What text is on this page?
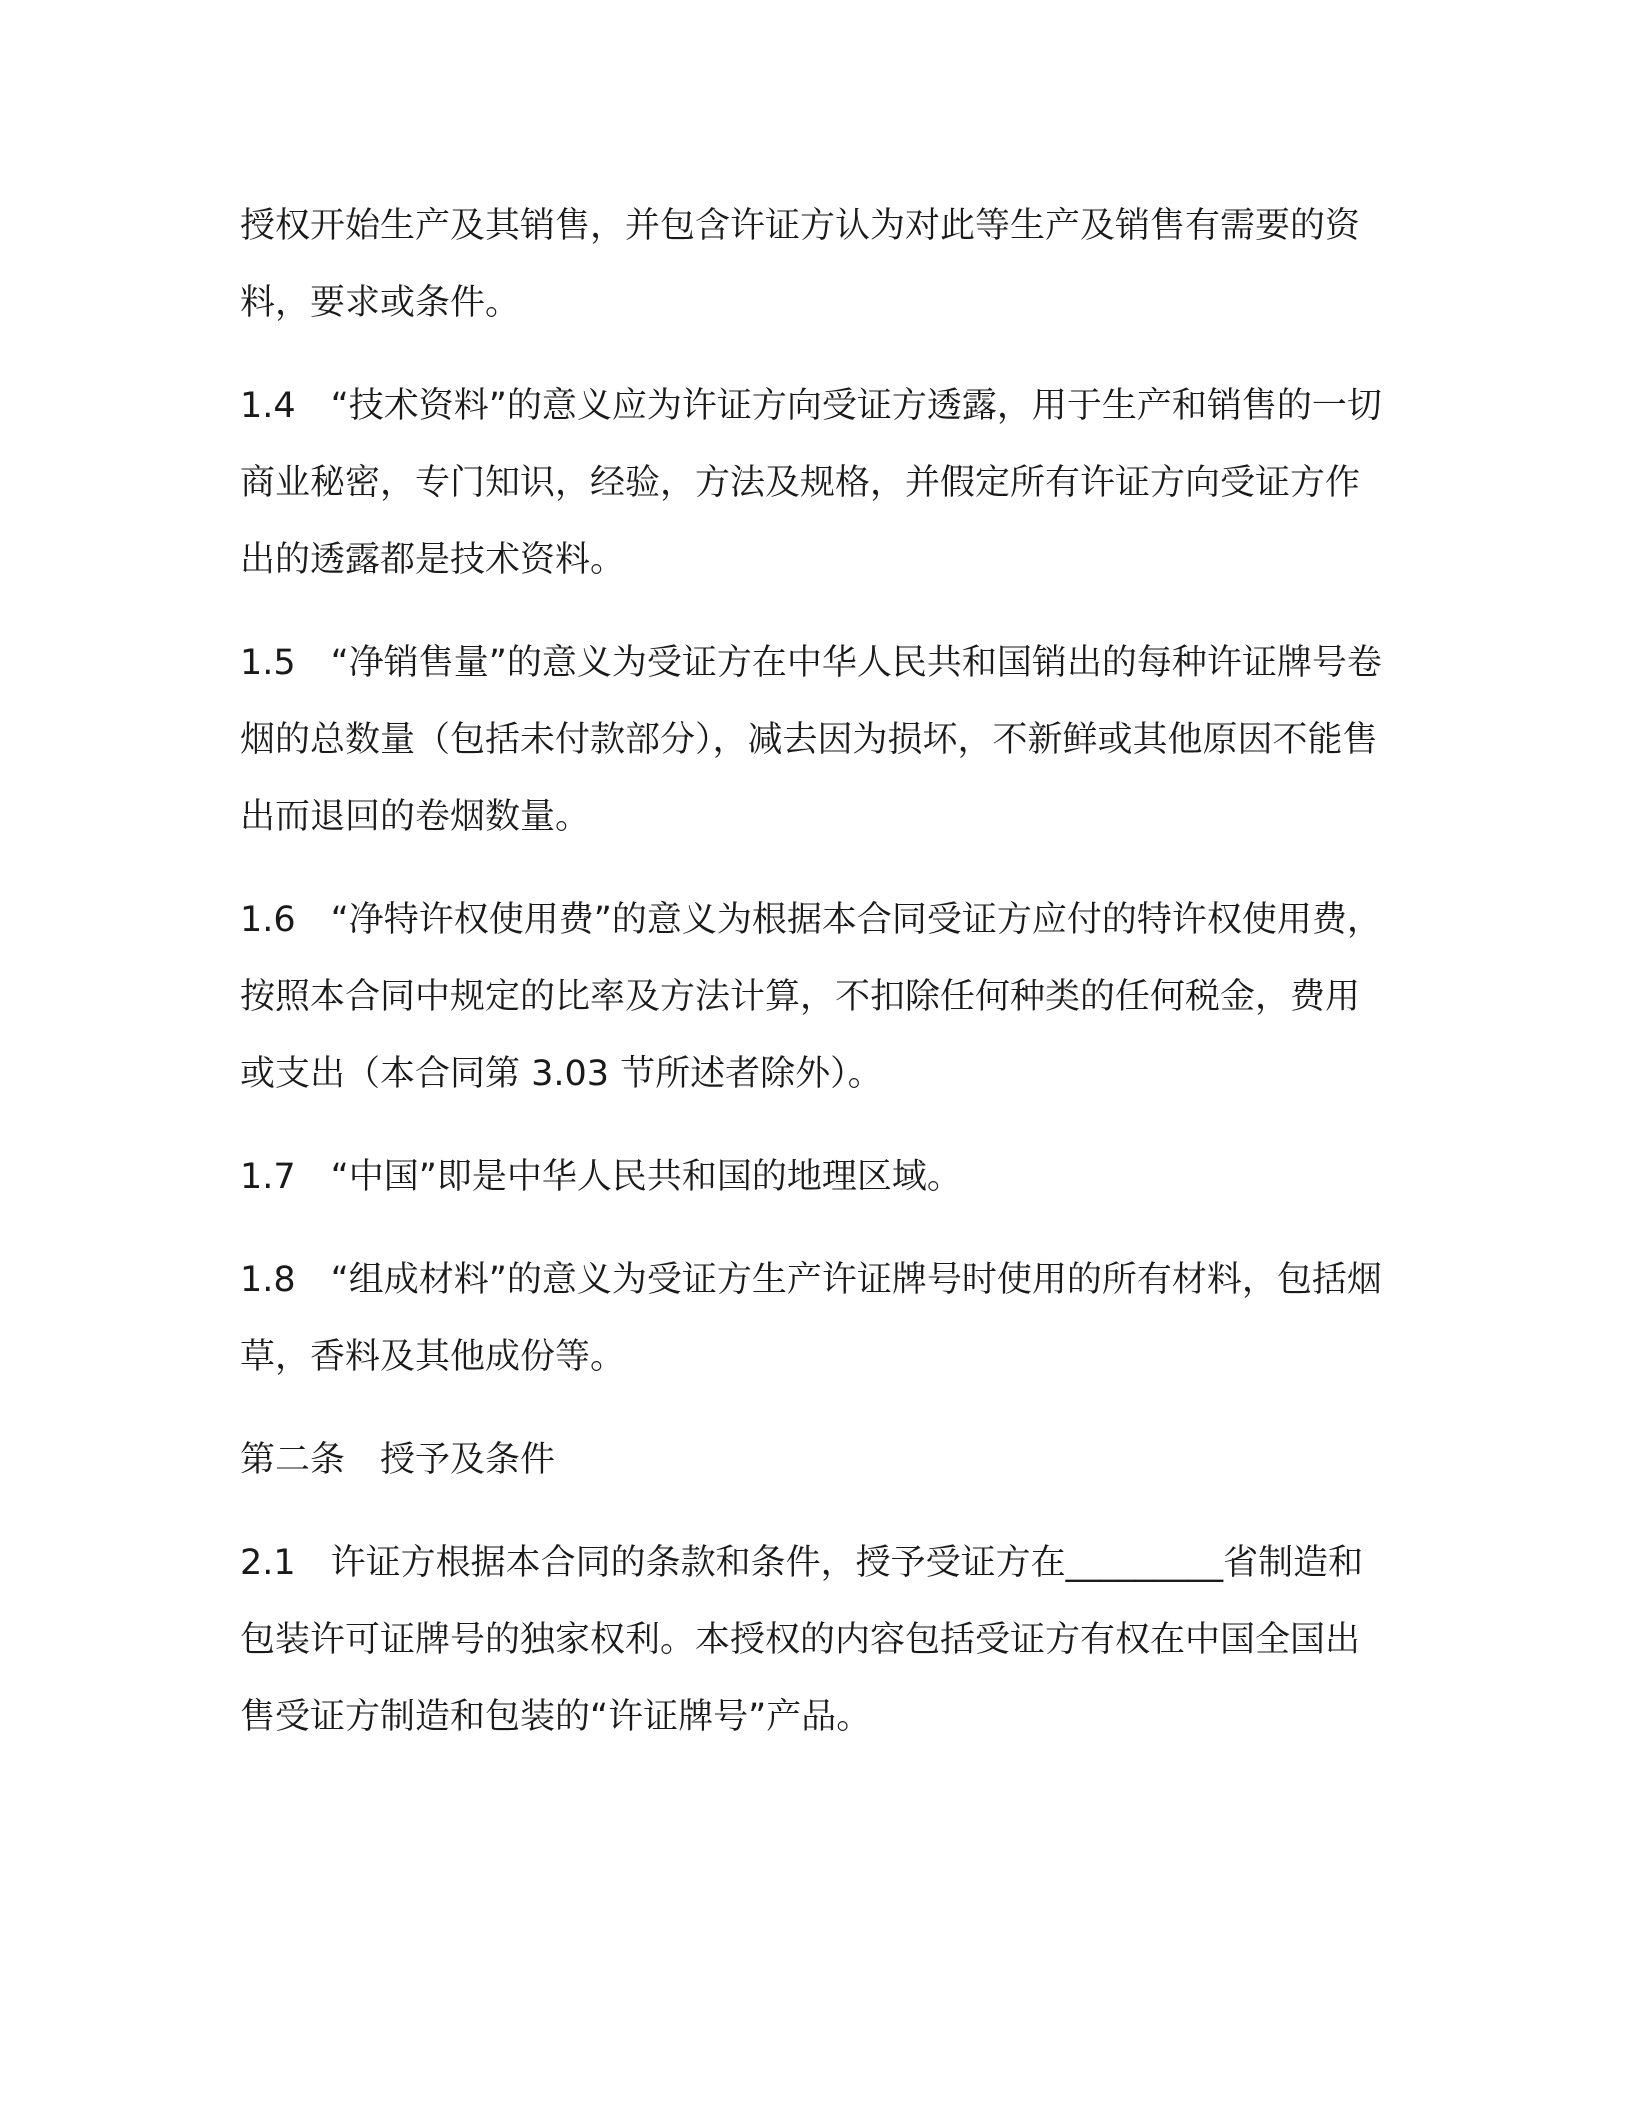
授权开始生产及其销售，并包含许证方认为对此等生产及销售有需要的资料，要求或条件。

1.4　“技术资料”的意义应为许证方向受证方透露，用于生产和销售的一切商业秘密，专门知识，经验，方法及规格，并假定所有许证方向受证方作出的透露都是技术资料。

1.5　“净销售量”的意义为受证方在中华人民共和国销出的每种许证牌号卷烟的总数量（包括未付款部分），减去因为损坏，不新鲜或其他原因不能售出而退回的卷烟数量。

1.6　“净特许权使用费”的意义为根据本合同受证方应付的特许权使用费，按照本合同中规定的比率及方法计算，不扣除任何种类的任何税金，费用或支出（本合同第 3.03 节所述者除外）。

1.7　“中国”即是中华人民共和国的地理区域。

1.8　“组成材料”的意义为受证方生产许证牌号时使用的所有材料，包括烟草，香料及其他成份等。

第二条　授予及条件

2.1　许证方根据本合同的条款和条件，授予受证方在_________省制造和包装许可证牌号的独家权利。本授权的内容包括受证方有权在中国全国出售受证方制造和包装的“许证牌号”产品。
